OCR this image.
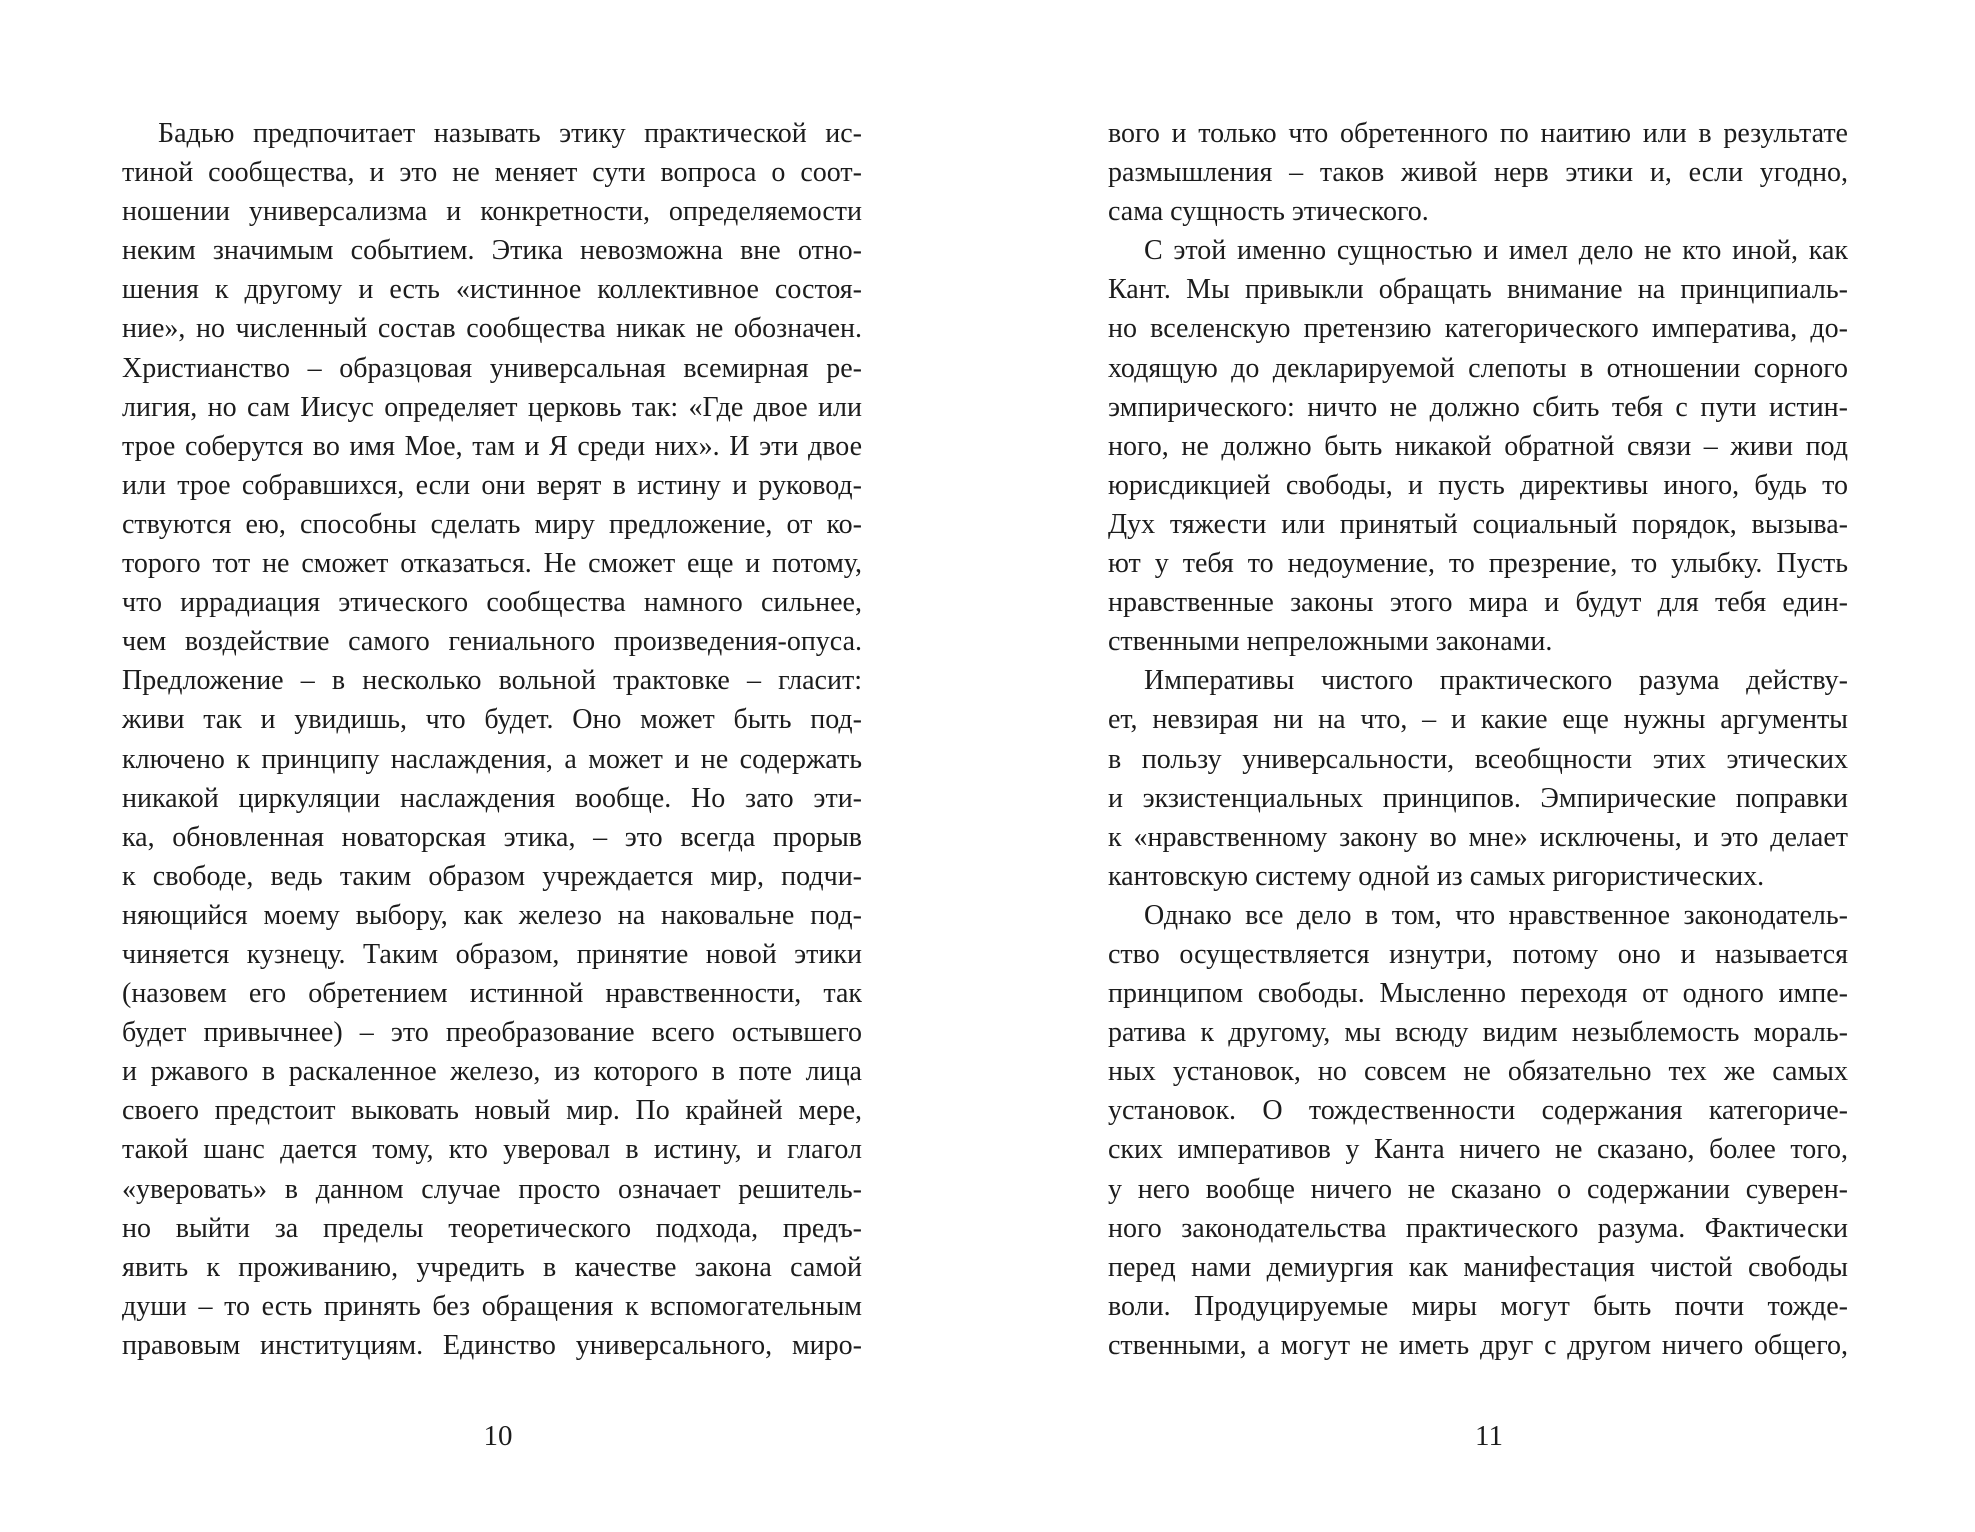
Бадью предпочитает называть этику практической ис-
тиной сообщества, и это не меняет сути вопроса о соот-
ношении универсализма и конкретности, определяемости
неким значимым событием. Этика невозможна вне отно-
шения к другому и есть «истинное коллективное состоя-
ние», но численный состав сообщества никак не обозначен.
Христианство – образцовая универсальная всемирная ре-
лигия, но сам Иисус определяет церковь так: «Где двое или
трое соберутся во имя Мое, там и Я среди них». И эти двое
или трое собравшихся, если они верят в истину и руковод-
ствуются ею, способны сделать миру предложение, от ко-
торого тот не сможет отказаться. Не сможет еще и потому,
что иррадиация этического сообщества намного сильнее,
чем воздействие самого гениального произведения-опуса.
Предложение – в несколько вольной трактовке – гласит:
живи так и увидишь, что будет. Оно может быть под-
ключено к принципу наслаждения, а может и не содержать
никакой циркуляции наслаждения вообще. Но зато эти-
ка, обновленная новаторская этика, – это всегда прорыв
к свободе, ведь таким образом учреждается мир, подчи-
няющийся моему выбору, как железо на наковальне под-
чиняется кузнецу. Таким образом, принятие новой этики
(назовем его обретением истинной нравственности, так
будет привычнее) – это преобразование всего остывшего
и ржавого в раскаленное железо, из которого в поте лица
своего предстоит выковать новый мир. По крайней мере,
такой шанс дается тому, кто уверовал в истину, и глагол
«уверовать» в данном случае просто означает решитель-
но выйти за пределы теоретического подхода, предъ-
явить к проживанию, учредить в качестве закона самой
души – то есть принять без обращения к вспомогательным
правовым институциям. Единство универсального, миро-
10
вого и только что обретенного по наитию или в результате
размышления – таков живой нерв этики и, если угодно,
сама сущность этического.
С этой именно сущностью и имел дело не кто иной, как
Кант. Мы привыкли обращать внимание на принципиаль-
но вселенскую претензию категорического императива, до-
ходящую до декларируемой слепоты в отношении сорного
эмпирического: ничто не должно сбить тебя с пути истин-
ного, не должно быть никакой обратной связи – живи под
юрисдикцией свободы, и пусть директивы иного, будь то
Дух тяжести или принятый социальный порядок, вызыва-
ют у тебя то недоумение, то презрение, то улыбку. Пусть
нравственные законы этого мира и будут для тебя един-
ственными непреложными законами.
Императивы чистого практического разума действу-
ет, невзирая ни на что, – и какие еще нужны аргументы
в пользу универсальности, всеобщности этих этических
и экзистенциальных принципов. Эмпирические поправки
к «нравственному закону во мне» исключены, и это делает
кантовскую систему одной из самых ригористических.
Однако все дело в том, что нравственное законодатель-
ство осуществляется изнутри, потому оно и называется
принципом свободы. Мысленно переходя от одного импе-
ратива к другому, мы всюду видим незыблемость мораль-
ных установок, но совсем не обязательно тех же самых
установок. О тождественности содержания категориче-
ских императивов у Канта ничего не сказано, более того,
у него вообще ничего не сказано о содержании суверен-
ного законодательства практического разума. Фактически
перед нами демиургия как манифестация чистой свободы
воли. Продуцируемые миры могут быть почти тожде-
ственными, а могут не иметь друг с другом ничего общего,
11
